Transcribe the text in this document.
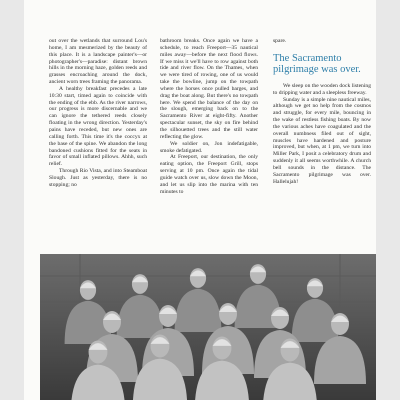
out over the wetlands that surround Lou's home, I am mesmerized by the beauty of this place. It is a landscape painter's—or photographer's—paradise: distant brown hills in the morning haze, golden reeds and grasses encroaching around the dock, ancient worn trees framing the panorama.

A healthy breakfast precedes a late 10:30 start, timed again to coincide with the ending of the ebb. As the river narrows, our progress is more discernable and we can ignore the tethered reeds closely floating in the wrong direction. Yesterday's pains have receded, but new ones are calling forth. This time it's the coccyx at the base of the spine. We abandon the long bandoned cushions fitted for the seats in favor of small inflated pillows. Ahhh, such relief.

Through Rio Vista, and into Steamboat Slough. Just as yesterday, there is no stopping; no

bathroom breaks. Once again we have a schedule, to reach Freeport—35 nautical miles away—before the next flood flows. If we miss it we'll have to row against both tide and river flow. On the Thames, when we were tired of rowing, one of us would take the bowline, jump on the towpath where the horses once pulled barges, and drag the boat along. But there's no towpath here. We spend the balance of the day on the slough, emerging back on to the Sacramento River at eight-fifty. Another spectacular sunset, the sky on fire behind the silhouetted trees and the still water reflecting the glow.

We soldier on, Jon indefatigable, smoke defatigated.

At Freeport, our destination, the only eating option, the Freeport Grill, stops serving at 10 pm. Once again the tidal guide watch over us, slow down the Moon, and let us slip into the marina with ten minutes to

spare.

The Sacramento pilgrimage was over.

We sleep on the wooden dock listening to dripping water and a sleepless freeway.

Sunday is a simple nine nautical miles, although we get no help from the cosmos and struggle, for every mile, bouncing in the wake of restless fishing boats. By now the various aches have coagulated and the overall numbness filed out of sight, muscles have hardened and posture improved, but when, at 1 pm, we turn into Miller Park, I posit a celebratory drum and suddenly it all seems worthwhile. A church bell sounds in the distance. The Sacramento pilgrimage was over. Hallelujah!
